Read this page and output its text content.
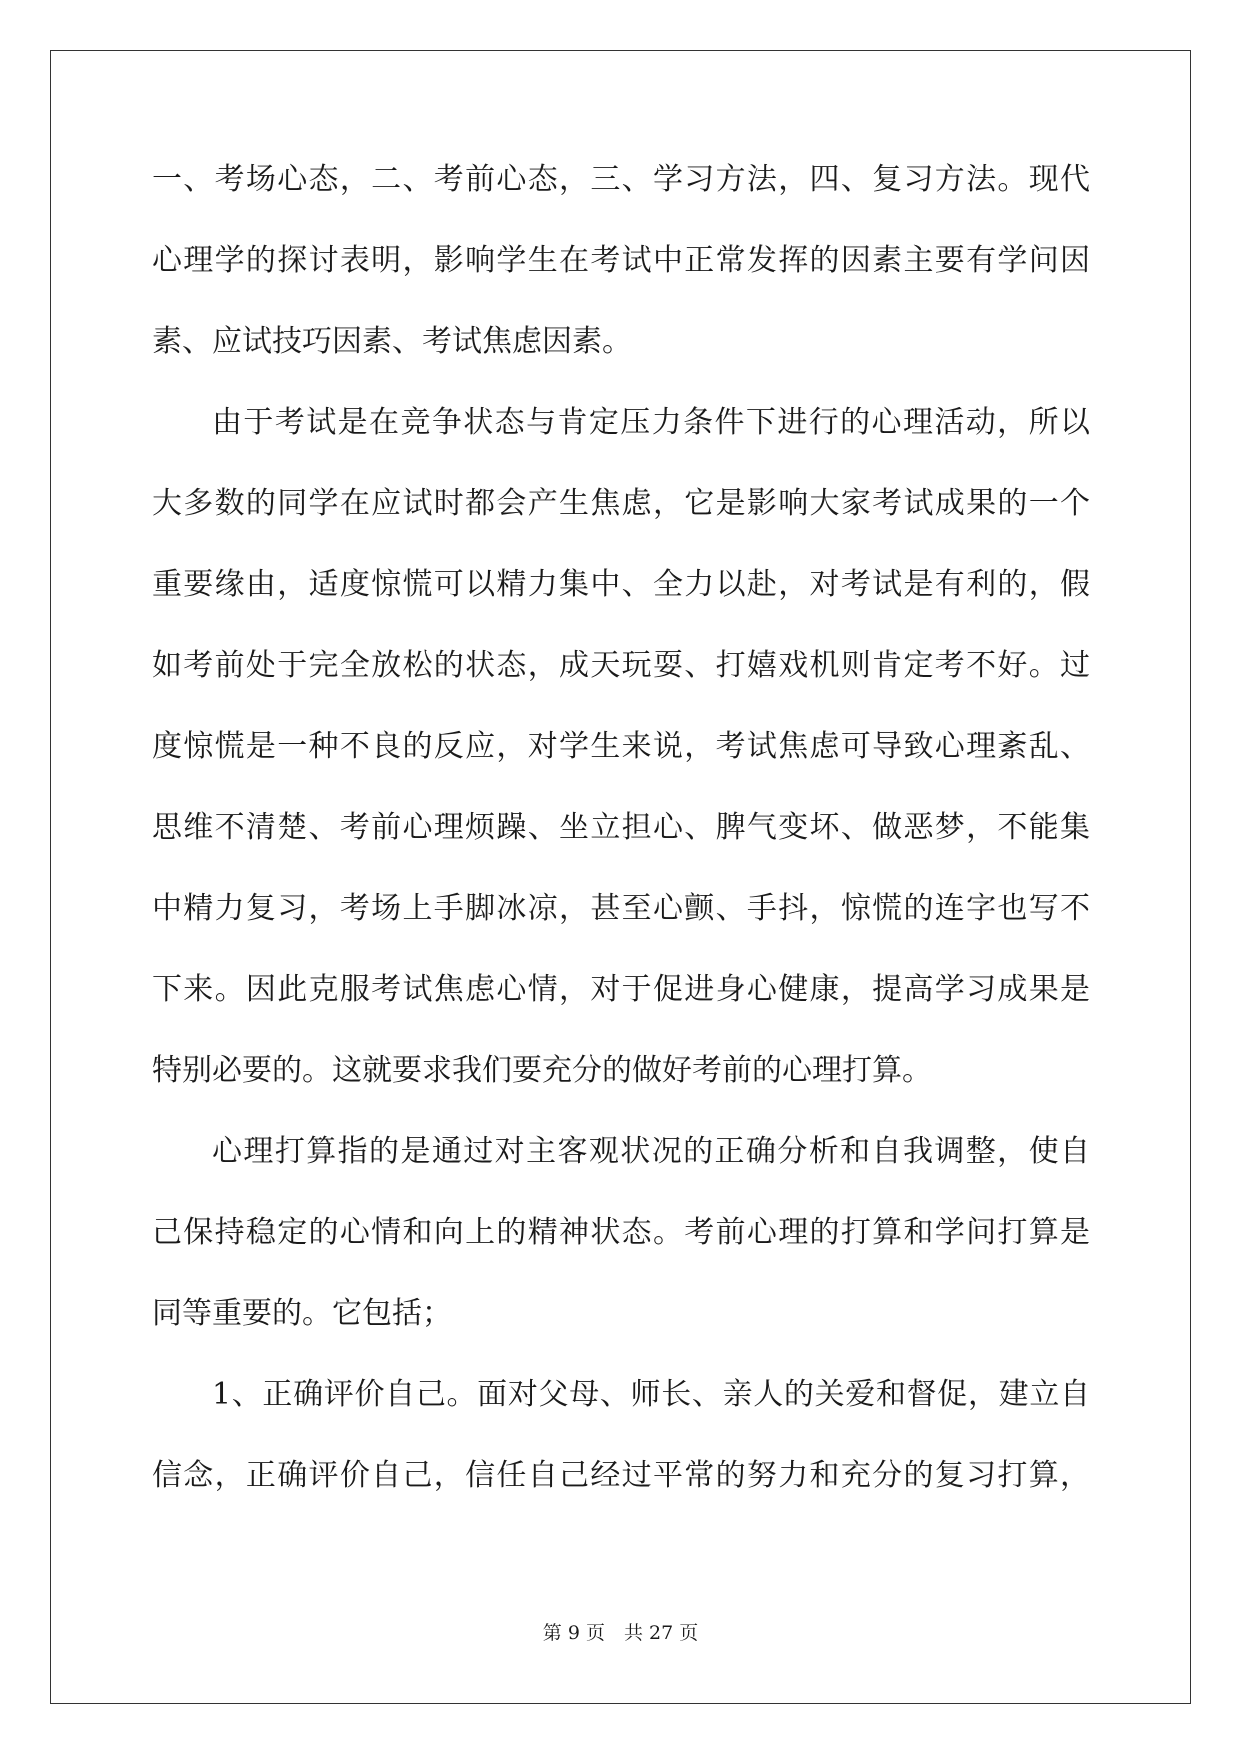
一、考场心态，二、考前心态，三、学习方法，四、复习方法。现代
心理学的探讨表明，影响学生在考试中正常发挥的因素主要有学问因
素、应试技巧因素、考试焦虑因素。
由于考试是在竞争状态与肯定压力条件下进行的心理活动，所以
大多数的同学在应试时都会产生焦虑，它是影响大家考试成果的一个
重要缘由，适度惊慌可以精力集中、全力以赴，对考试是有利的，假
如考前处于完全放松的状态，成天玩耍、打嬉戏机则肯定考不好。过
度惊慌是一种不良的反应，对学生来说，考试焦虑可导致心理紊乱、
思维不清楚、考前心理烦躁、坐立担心、脾气变坏、做恶梦，不能集
中精力复习，考场上手脚冰凉，甚至心颤、手抖，惊慌的连字也写不
下来。因此克服考试焦虑心情，对于促进身心健康，提高学习成果是
特别必要的。这就要求我们要充分的做好考前的心理打算。
心理打算指的是通过对主客观状况的正确分析和自我调整，使自
己保持稳定的心情和向上的精神状态。考前心理的打算和学问打算是
同等重要的。它包括；
1、正确评价自己。面对父母、师长、亲人的关爱和督促，建立自
信念，正确评价自己，信任自己经过平常的努力和充分的复习打算，
第 9 页　共 27 页
